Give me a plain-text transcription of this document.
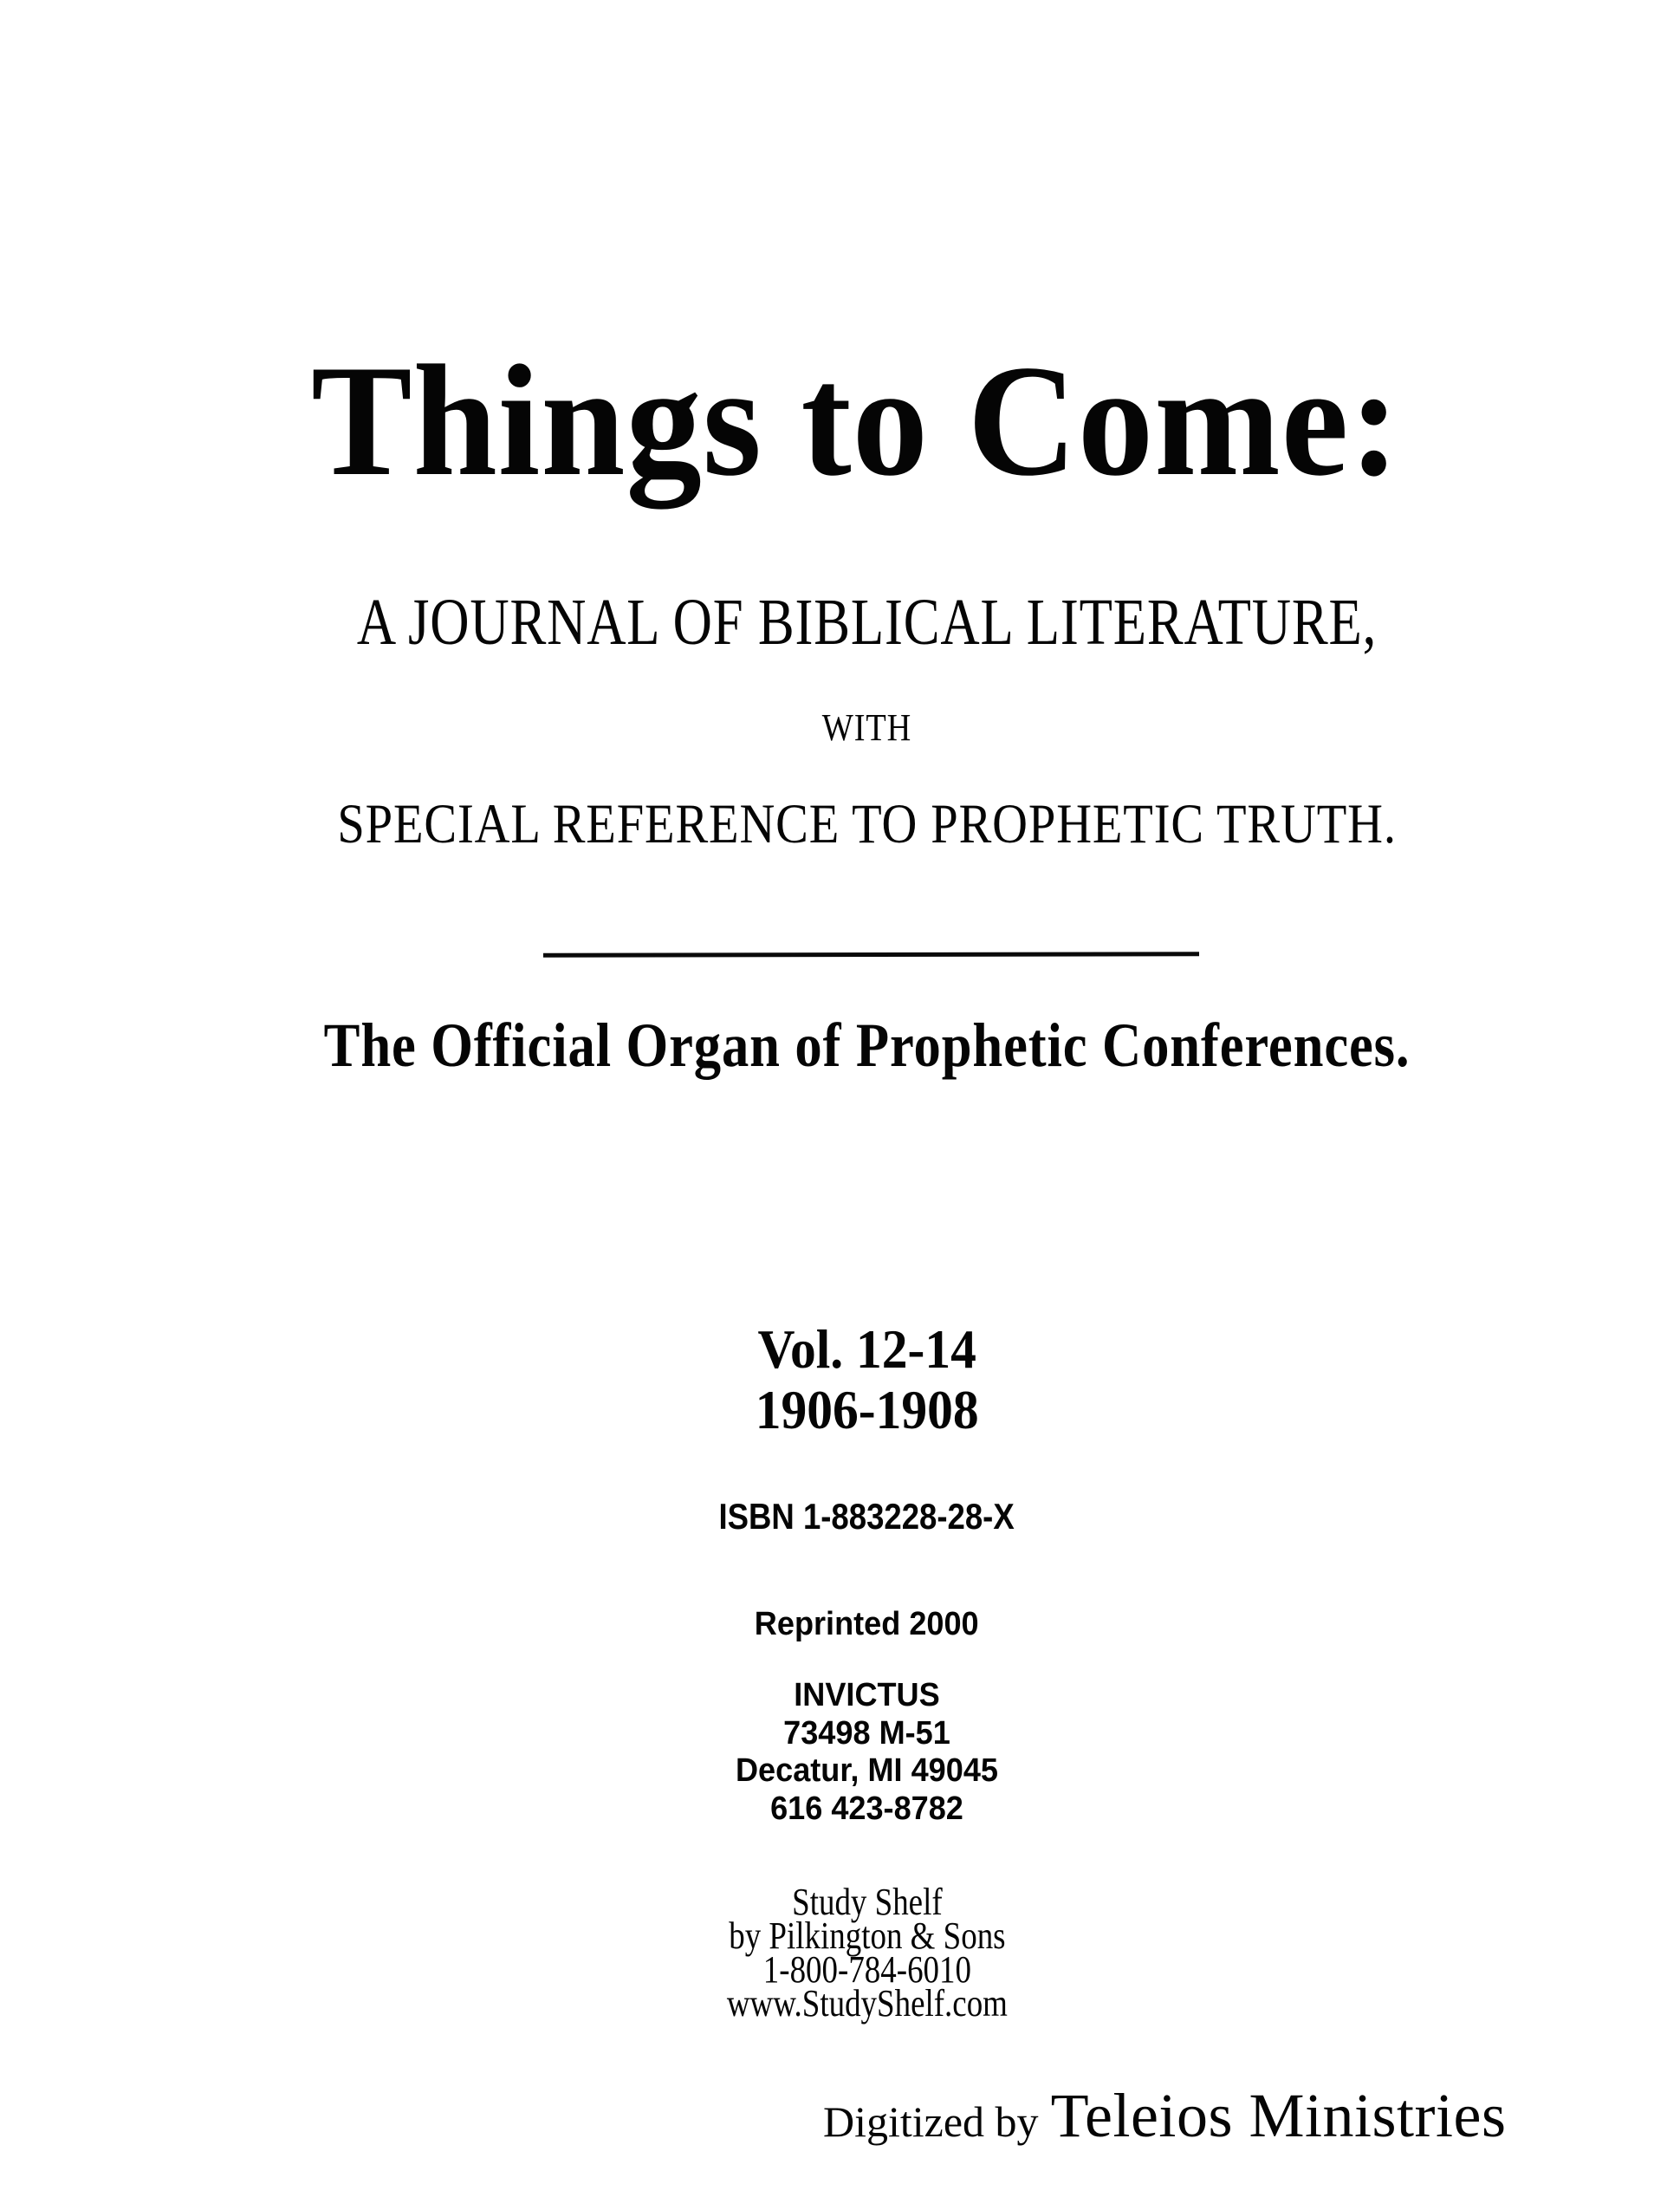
Things to Come:
A JOURNAL OF BIBLICAL LITERATURE,
WITH
SPECIAL REFERENCE TO PROPHETIC TRUTH.
The Official Organ of Prophetic Conferences.
Vol. 12-14
1906-1908
ISBN 1-883228-28-X
Reprinted 2000
INVICTUS
73498 M-51
Decatur, MI 49045
616 423-8782
Study Shelf
by Pilkington & Sons
1-800-784-6010
www.StudyShelf.com
Digitized by Teleios Ministries
